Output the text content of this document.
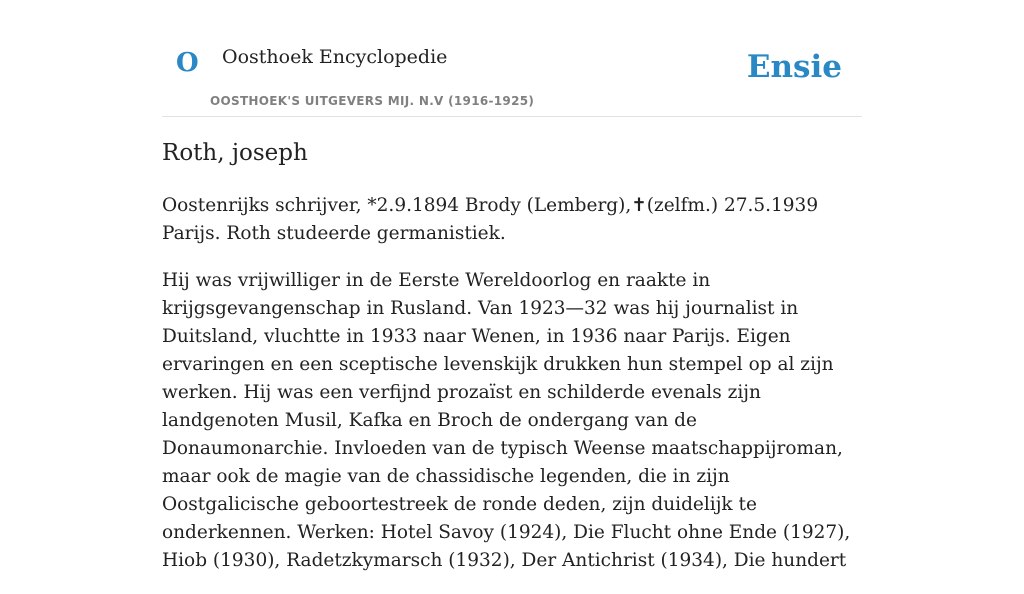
O Oosthoek Encyclopedie
OOSTHOEK'S UITGEVERS MIJ. N.V (1916-1925)
Ensie
Roth, joseph

Oostenrijks schrijver, *2.9.1894 Brody (Lemberg),✝(zelfm.) 27.5.1939 Parijs. Roth studeerde germanistiek.

Hij was vrijwilliger in de Eerste Wereldoorlog en raakte in krijgsgevangenschap in Rusland. Van 1923—32 was hij journalist in Duitsland, vluchtte in 1933 naar Wenen, in 1936 naar Parijs. Eigen ervaringen en een sceptische levenskijk drukken hun stempel op al zijn werken. Hij was een verfijnd prozaïst en schilderde evenals zijn landgenoten Musil, Kafka en Broch de ondergang van de Donaumonarchie. Invloeden van de typisch Weense maatschappijroman, maar ook de magie van de chassidische legenden, die in zijn Oostgalicische geboortestreek de ronde deden, zijn duidelijk te onderkennen. Werken: Hotel Savoy (1924), Die Flucht ohne Ende (1927), Hiob (1930), Radetzkymarsch (1932), Der Antichrist (1934), Die hundert
